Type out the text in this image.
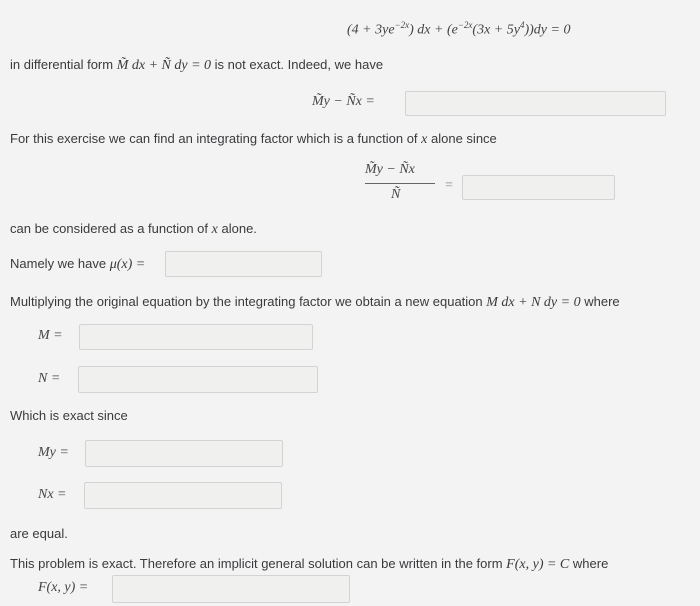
$(4 + 3ye^{-2x})$ dx + $(e^{-2x}(3x + 5y^4))dy = 0$
in differential form M̃ dx + Ñ dy = 0 is not exact. Indeed, we have
M̃y − Ñx =
For this exercise we can find an integrating factor which is a function of x alone since
M̃y − Ñx
Ñ
=
can be considered as a function of x alone.
Namely we have μ(x) =
Multiplying the original equation by the integrating factor we obtain a new equation M dx + N dy = 0 where
M =
N =
Which is exact since
My =
Nx =
are equal.
This problem is exact. Therefore an implicit general solution can be written in the form F(x, y) = C where
F(x, y) =
